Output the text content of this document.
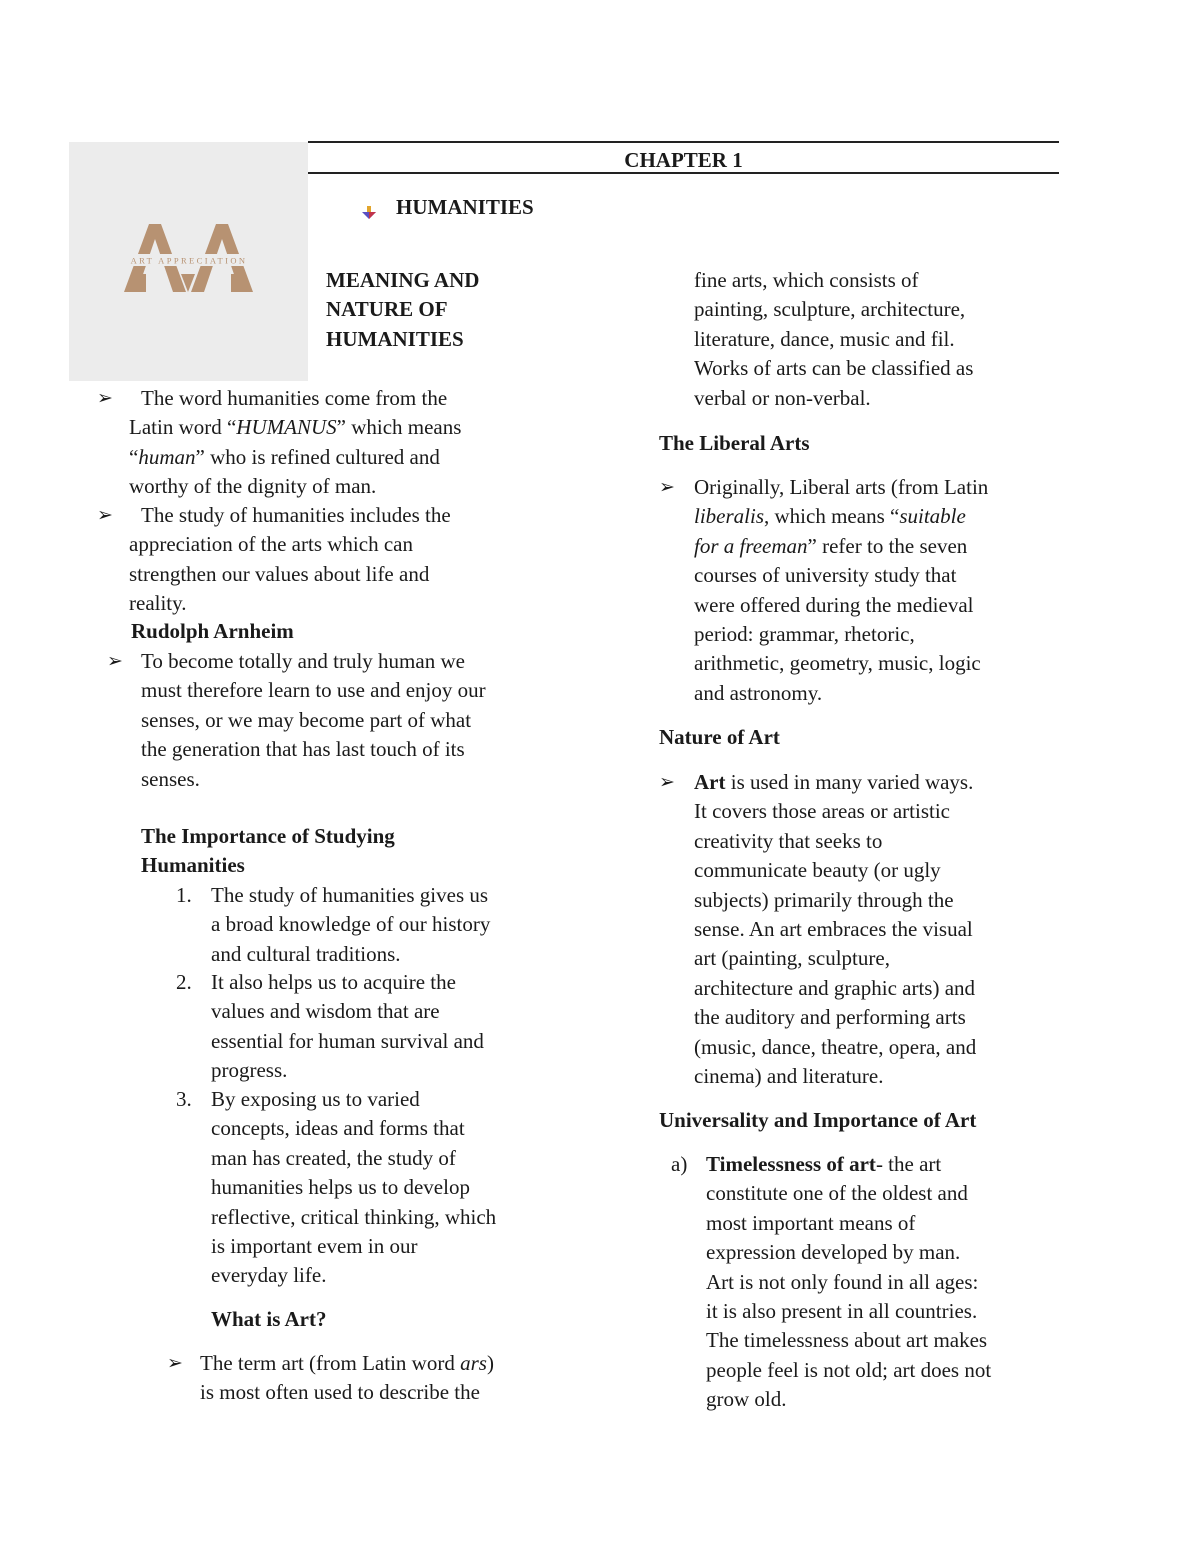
ART APPRECIATION
CHAPTER 1
HUMANITIES
MEANING AND
NATURE OF
HUMANITIES
➢	The word humanities come from the
Latin word “HUMANUS” which means
“human” who is refined cultured and
worthy of the dignity of man.
➢	The study of humanities includes the
appreciation of the arts which can
strengthen our values about life and
reality.
Rudolph Arnheim
➢ To become totally and truly human we
must therefore learn to use and enjoy our
senses, or we may become part of what
the generation that has last touch of its
senses.
The Importance of Studying
Humanities
1. The study of humanities gives us
a broad knowledge of our history
and cultural traditions.
2. It also helps us to acquire the
values and wisdom that are
essential for human survival and
progress.
3. By exposing us to varied
concepts, ideas and forms that
man has created, the study of
humanities helps us to develop
reflective, critical thinking, which
is important evem in our
everyday life.
What is Art?
➢ The term art (from Latin word ars)
is most often used to describe the
fine arts, which consists of
painting, sculpture, architecture,
literature, dance, music and fil.
Works of arts can be classified as
verbal or non-verbal.
The Liberal Arts
➢ Originally, Liberal arts (from Latin
liberalis, which means “suitable
for a freeman” refer to the seven
courses of university study that
were offered during the medieval
period: grammar, rhetoric,
arithmetic, geometry, music, logic
and astronomy.
Nature of Art
➢ Art is used in many varied ways.
It covers those areas or artistic
creativity that seeks to
communicate beauty (or ugly
subjects) primarily through the
sense. An art embraces the visual
art (painting, sculpture,
architecture and graphic arts) and
the auditory and performing arts
(music, dance, theatre, opera, and
cinema) and literature.
Universality and Importance of Art
a) Timelessness of art- the art
constitute one of the oldest and
most important means of
expression developed by man.
Art is not only found in all ages:
it is also present in all countries.
The timelessness about art makes
people feel is not old; art does not
grow old.
